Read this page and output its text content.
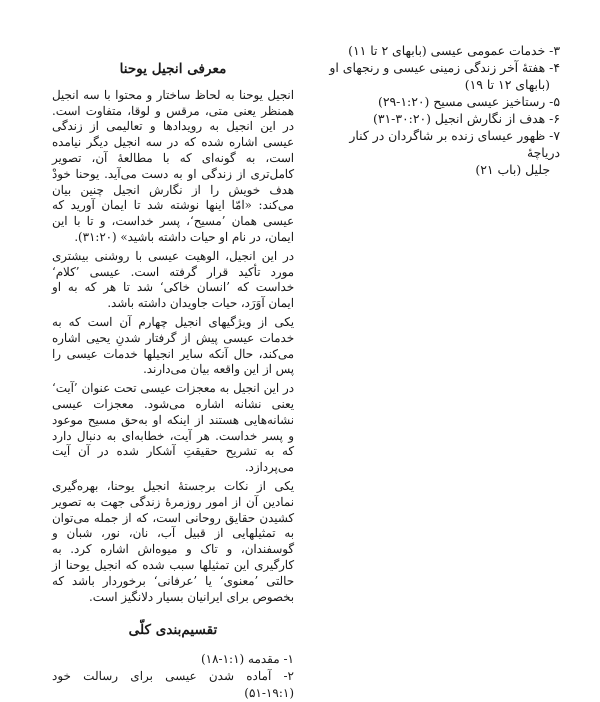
۳- خدمات عمومی عیسی (بابهای ۲ تا ۱۱)

۴- هفتهٔ آخر زندگی زمینی عیسی و رنجهای او

(بابهای ۱۲ تا ۱۹)

۵- رستاخیز عیسی مسیح (۱:۲۰-۲۹)

۶- هدف از نگارش انجیل (۳۰:۲۰-۳۱)

۷- ظهور عیسای زنده بر شاگردان در کنار دریاچهٔ

جلیل (باب ۲۱)

معرفی انجیل یوحنا

انجیل یوحنا به لحاظ ساختار و محتوا با سه انجیل همنظر یعنی متی، مرقس و لوقا، متفاوت است. در این انجیل به رویدادها و تعالیمی از زندگی عیسی اشاره شده که در سه انجیل دیگر نیامده است، به گونه‌ای که با مطالعهٔ آن، تصویر کامل‌تری از زندگی او به دست می‌آید. یوحنا خودْ هدف خویش را از نگارش انجیل چنین بیان می‌کند: «امّا اینها نوشته شد تا ایمان آورید که عیسی همان ’مسیح‘، پسر خداست، و تا با این ایمان، در نام او حیات داشته باشید» (۳۱:۲۰).

در این انجیل، الوهیت عیسی با روشنی بیشتری مورد تأکید قرار گرفته است. عیسی ’کلام‘ خداست که ’انسان خاکی‘ شد تا هر که به او ایمان آوَرَد، حیات جاویدان داشته باشد.

یکی از ویژگیهای انجیل چهارم آن است که به خدمات عیسی پیش از گرفتار شدنِ یحیی اشاره می‌کند، حال آنکه سایر انجیلها خدمات عیسی را پس از این واقعه بیان می‌دارند.

در این انجیل به معجزات عیسی تحت عنوان ’آیت‘ یعنی نشانه اشاره می‌شود. معجزات عیسی نشانه‌هایی هستند از اینکه او به‌حق مسیح موعود و پسر خداست. هر آیت، خطابه‌ای به دنبال دارد که به تشریح حقیقتِ آشکار شده در آن آیت می‌پردازد.

یکی از نکات برجستهٔ انجیل یوحنا، بهره‌گیری نمادین آن از امور روزمرهٔ زندگی جهت به تصویر کشیدن حقایق روحانی است، که از جمله می‌توان به تمثیلهایی از قبیل آب، نان، نور، شبان و گوسفندان، و تاک و میوه‌اش اشاره کرد. به کارگیری این تمثیلها سبب شده که انجیل یوحنا از حالتی ’معنوی‘ یا ’عرفانی‘ برخوردار باشد که بخصوص برای ایرانیان بسیار دلانگیز است.

تقسیم‌بندی کلّی

۱- مقدمه (۱:۱-۱۸)

۲- آماده شدن عیسی برای رسالت خود (۱۹:۱-۵۱)
